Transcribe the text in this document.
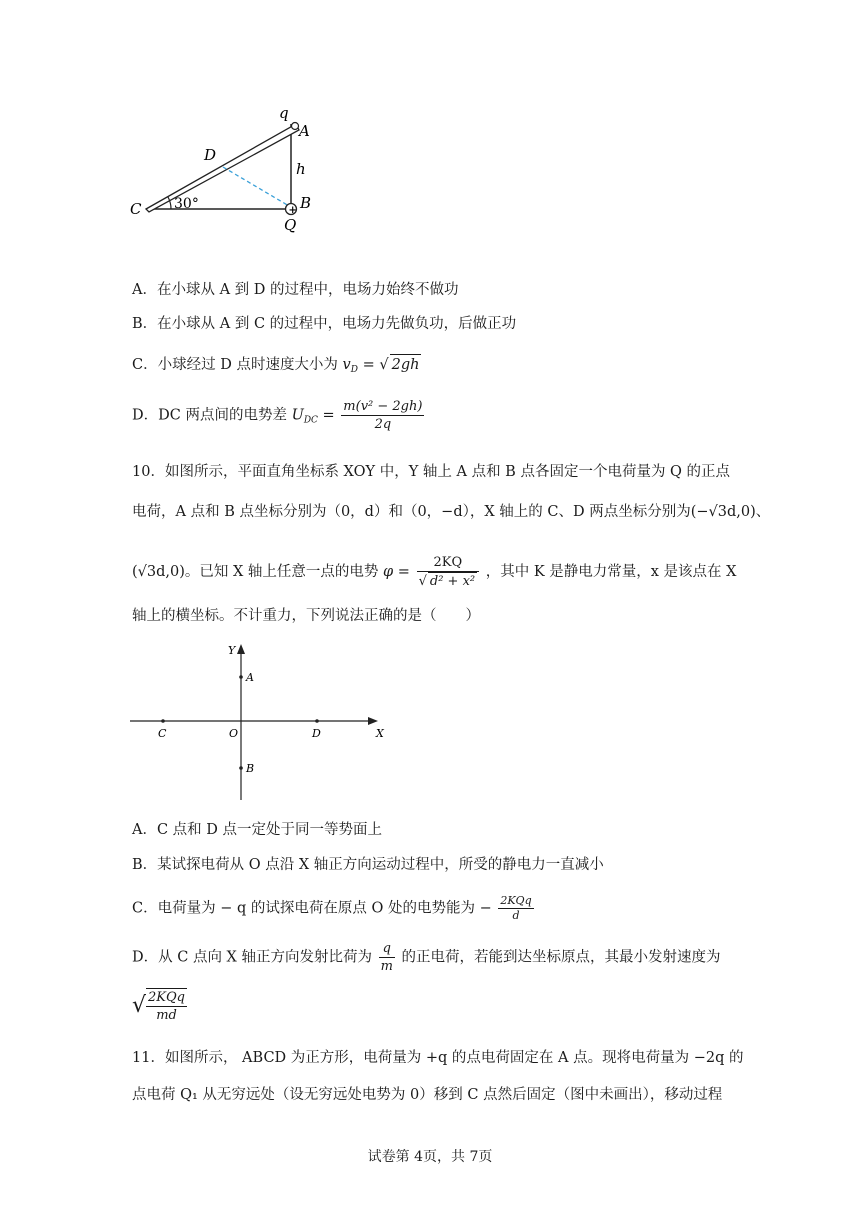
+
q
A
D
h
C 30°	B
Q
A．在小球从 A 到 D 的过程中，电场力始终不做功
B．在小球从 A 到 C 的过程中，电场力先做负功，后做正功
C．小球经过 D 点时速度大小为 $v_D$ = √ 2gh
D．DC 两点间的电势差 $U_{DC} = \frac{\text{m(v² − 2gh)}}{2q}$
10．如图所示，平面直角坐标系 XOY 中，Y 轴上 A 点和 B 点各固定一个电荷量为 Q 的正点
电荷，A 点和 B 点坐标分别为（0，d）和（0，−d），X 轴上的 C、D 两点坐标分别为(−√3d,0)、
(√3d,0)。已知 X 轴上任意一点的电势 $\varphi = \frac{2KQ}{\text{√ d² + x²}}$ ，其中 K 是静电力常量，x 是该点在 X
轴上的横坐标。不计重力，下列说法正确的是（　　）
Y
A
C	O	D	X
B
A．C 点和 D 点一定处于同一等势面上
B．某试探电荷从 O 点沿 X 轴正方向运动过程中，所受的静电力一直减小
C．电荷量为 − q 的试探电荷在原点 O 处的电势能为 − $\frac{\text{2KQq}}{d}$
D．从 C 点向 X 轴正方向发射比荷为 $\frac{q}{m}$ 的正电荷，若能到达坐标原点，其最小发射速度为
√ $\frac{\text{2KQq}}{md}$
11．如图所示， ABCD 为正方形，电荷量为 +q 的点电荷固定在 A 点。现将电荷量为 −2q 的
点电荷 Q₁ 从无穷远处（设无穷远处电势为 0）移到 C 点然后固定（图中未画出），移动过程
试卷第 4页，共 7页
